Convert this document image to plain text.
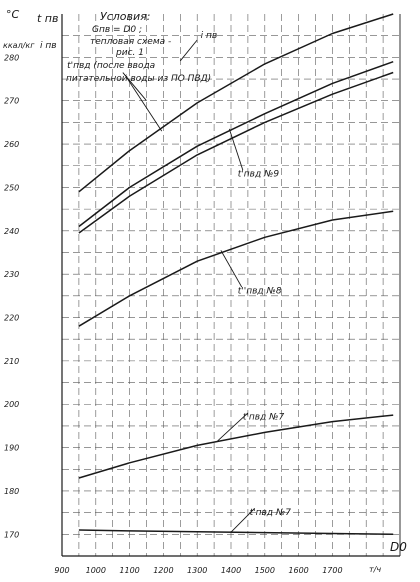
900 1000 1100 1200 1300 1400 1500 1600 1700
170
180
190
200
210
220
230
240
250
260
270
280
°C t пв
ккал/кг i пв
Условия:
Gпв = D0 ;
тепловая схема -
рис. 1
D0
т/ч
i пв
t'пвд (после ввода
питательной воды из ПО ПВД)
t'пвд №9
t''пвд №8
t'пвд №7
t'пвд №7
